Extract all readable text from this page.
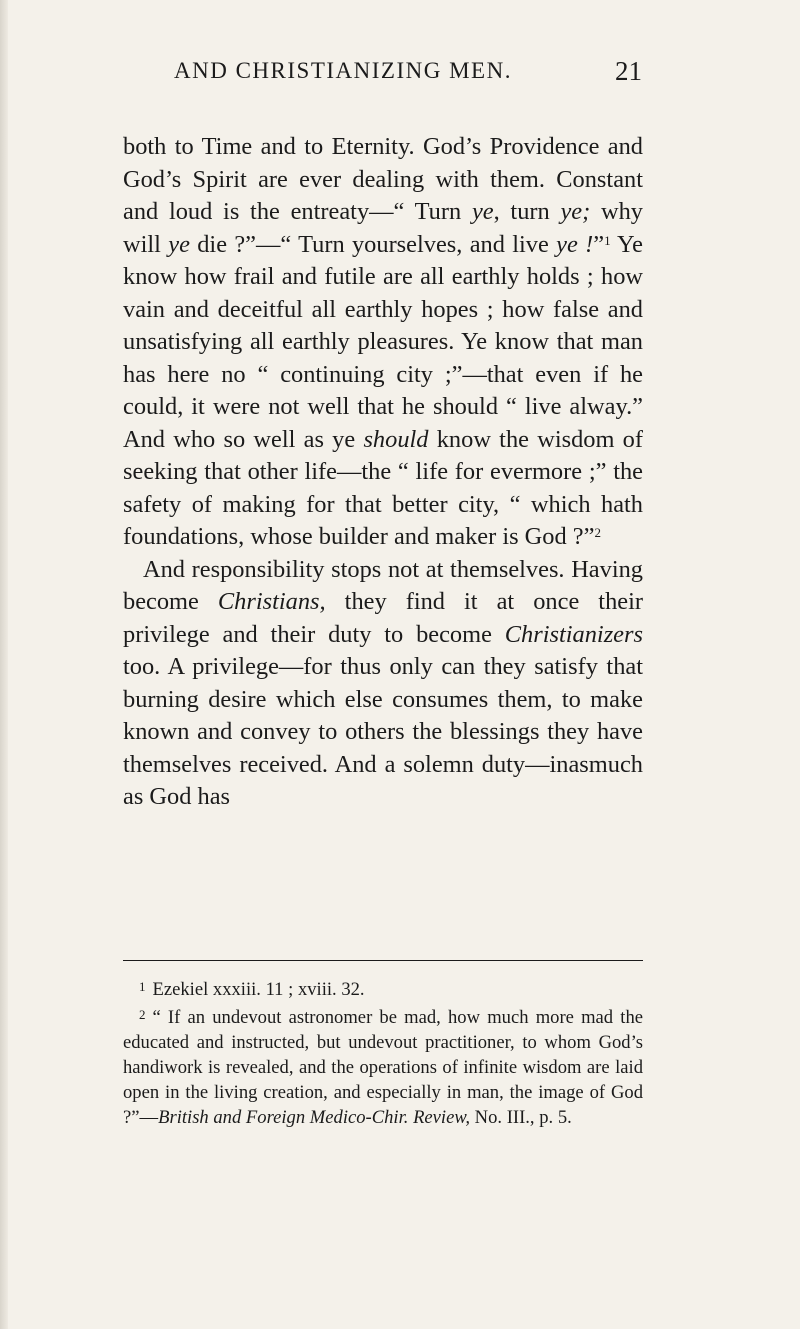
AND CHRISTIANIZING MEN.	21

both to Time and to Eternity. God’s Providence and God’s Spirit are ever dealing with them. Constant and loud is the entreaty—“ Turn ye, turn ye; why will ye die ?”—“ Turn yourselves, and live ye !”$^1$ Ye know how frail and futile are all earthly holds ; how vain and deceitful all earthly hopes ; how false and unsatisfying all earthly pleasures. Ye know that man has here no “ continuing city ;”—that even if he could, it were not well that he should “ live alway.” And who so well as ye should know the wisdom of seeking that other life—the “ life for evermore ;” the safety of making for that better city, “ which hath foundations, whose builder and maker is God ?”$^2$

And responsibility stops not at themselves. Having become Christians, they find it at once their privilege and their duty to become Christianizers too. A privilege—for thus only can they satisfy that burning desire which else consumes them, to make known and convey to others the blessings they have themselves received. And a solemn duty—inasmuch as God has

$^1$ Ezekiel xxxiii. 11 ; xviii. 32.

$^2$ “ If an undevout astronomer be mad, how much more mad the educated and instructed, but undevout practitioner, to whom God’s handiwork is revealed, and the operations of infinite wisdom are laid open in the living creation, and especially in man, the image of God ?”—British and Foreign Medico-Chir. Review, No. III., p. 5.
